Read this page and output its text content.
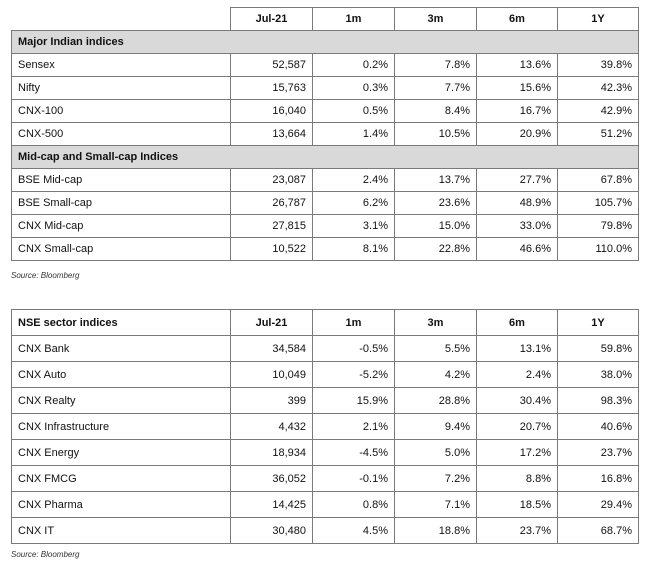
	Jul-21	1m	3m	6m	1Y
Major Indian indices					
Sensex	52,587	0.2%	7.8%	13.6%	39.8%
Nifty	15,763	0.3%	7.7%	15.6%	42.3%
CNX-100	16,040	0.5%	8.4%	16.7%	42.9%
CNX-500	13,664	1.4%	10.5%	20.9%	51.2%
Mid-cap and Small-cap Indices					
BSE Mid-cap	23,087	2.4%	13.7%	27.7%	67.8%
BSE Small-cap	26,787	6.2%	23.6%	48.9%	105.7%
CNX Mid-cap	27,815	3.1%	15.0%	33.0%	79.8%
CNX Small-cap	10,522	8.1%	22.8%	46.6%	110.0%
Source: Bloomberg
NSE sector indices	Jul-21	1m	3m	6m	1Y
CNX Bank	34,584	-0.5%	5.5%	13.1%	59.8%
CNX Auto	10,049	-5.2%	4.2%	2.4%	38.0%
CNX Realty	399	15.9%	28.8%	30.4%	98.3%
CNX Infrastructure	4,432	2.1%	9.4%	20.7%	40.6%
CNX Energy	18,934	-4.5%	5.0%	17.2%	23.7%
CNX FMCG	36,052	-0.1%	7.2%	8.8%	16.8%
CNX Pharma	14,425	0.8%	7.1%	18.5%	29.4%
CNX IT	30,480	4.5%	18.8%	23.7%	68.7%
Source: Bloomberg
